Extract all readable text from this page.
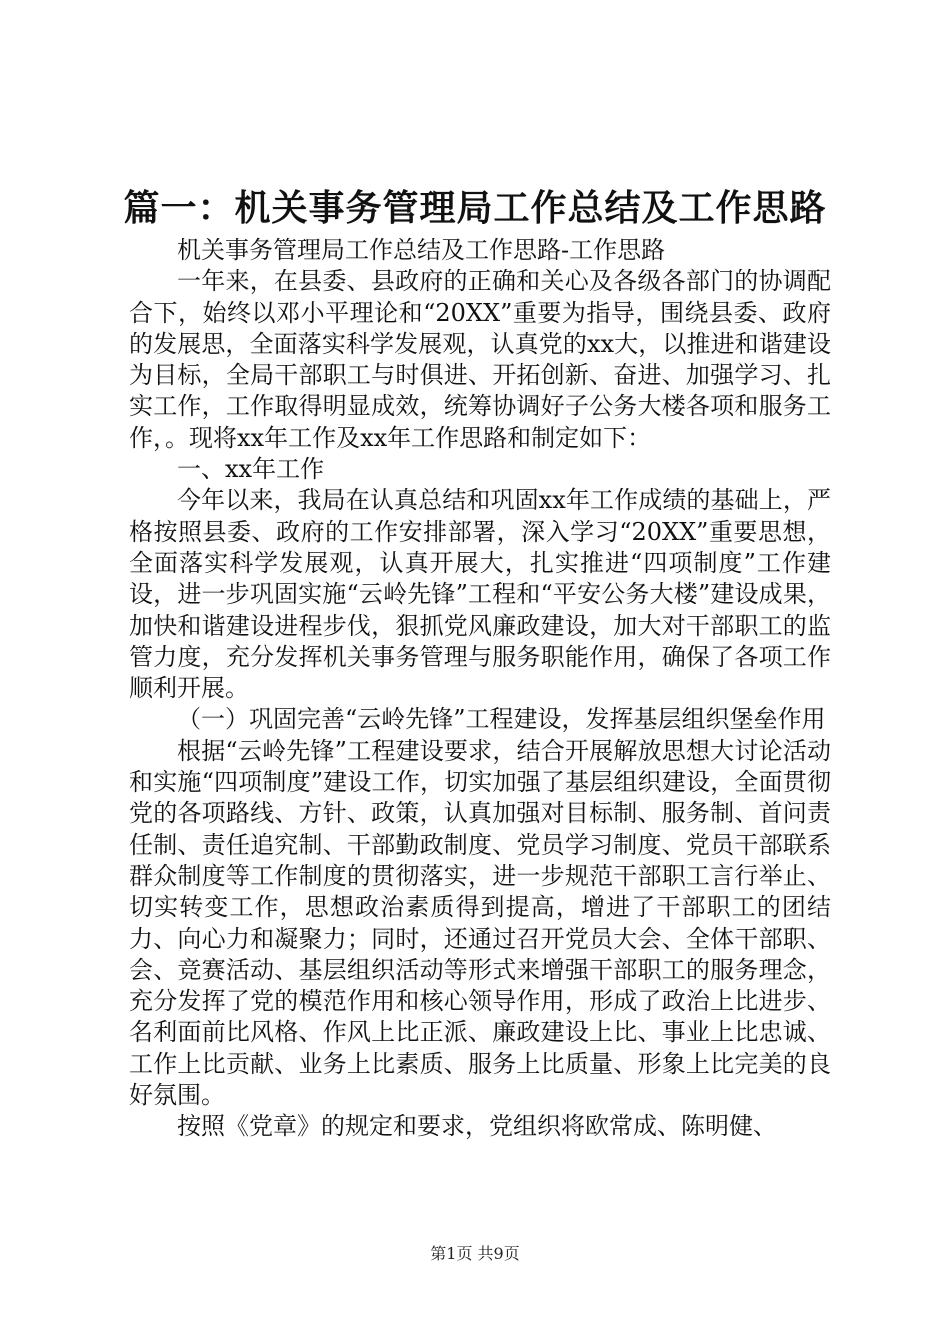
篇一：机关事务管理局工作总结及工作思路

机关事务管理局工作总结及工作思路-工作思路

一年来，在县委、县政府的正确和关心及各级各部门的协调配合下，始终以邓小平理论和“20XX”重要为指导，围绕县委、政府的发展思，全面落实科学发展观，认真党的xx大，以推进和谐建设为目标，全局干部职工与时俱进、开拓创新、奋进、加强学习、扎实工作，工作取得明显成效，统筹协调好子公务大楼各项和服务工作，。现将xx年工作及xx年工作思路和制定如下：

一、xx年工作

今年以来，我局在认真总结和巩固xx年工作成绩的基础上，严格按照县委、政府的工作安排部署，深入学习“20XX”重要思想，全面落实科学发展观，认真开展大，扎实推进“四项制度”工作建设，进一步巩固实施“云岭先锋”工程和“平安公务大楼”建设成果，加快和谐建设进程步伐，狠抓党风廉政建设，加大对干部职工的监管力度，充分发挥机关事务管理与服务职能作用，确保了各项工作顺利开展。

（一）巩固完善“云岭先锋”工程建设，发挥基层组织堡垒作用

根据“云岭先锋”工程建设要求，结合开展解放思想大讨论活动和实施“四项制度”建设工作，切实加强了基层组织建设，全面贯彻党的各项路线、方针、政策，认真加强对目标制、服务制、首问责任制、责任追究制、干部勤政制度、党员学习制度、党员干部联系群众制度等工作制度的贯彻落实，进一步规范干部职工言行举止、切实转变工作，思想政治素质得到提高，增进了干部职工的团结力、向心力和凝聚力；同时，还通过召开党员大会、全体干部职、会、竞赛活动、基层组织活动等形式来增强干部职工的服务理念，充分发挥了党的模范作用和核心领导作用，形成了政治上比进步、名利面前比风格、作风上比正派、廉政建设上比、事业上比忠诚、工作上比贡献、业务上比素质、服务上比质量、形象上比完美的良好氛围。

按照《党章》的规定和要求，党组织将欧常成、陈明健、

第1页 共9页
